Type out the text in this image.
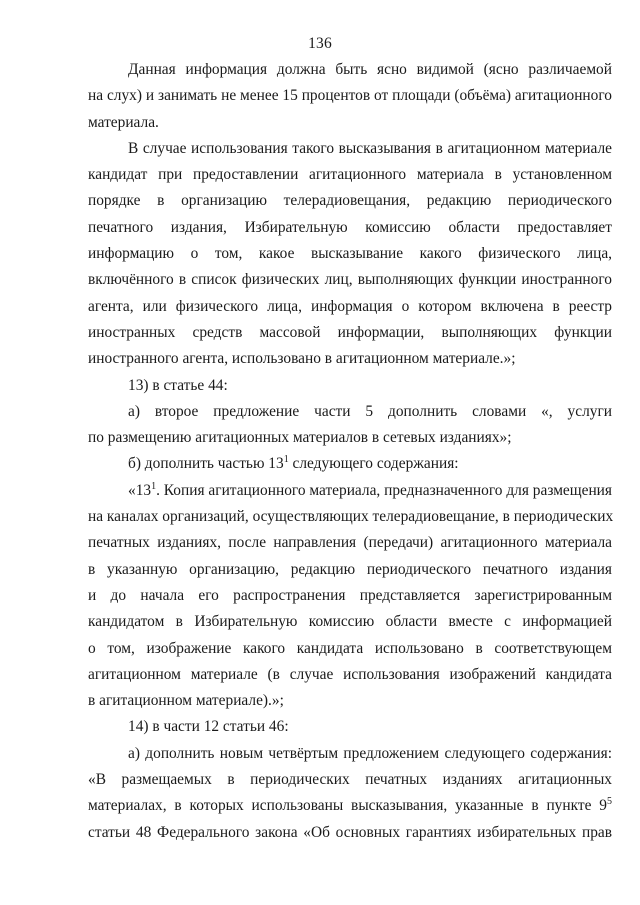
136
Данная информация должна быть ясно видимой (ясно различаемой
на слух) и занимать не менее 15 процентов от площади (объёма) агитационного
материала.
В случае использования такого высказывания в агитационном материале
кандидат при предоставлении агитационного материала в установленном
порядке в организацию телерадиовещания, редакцию периодического
печатного издания, Избирательную комиссию области предоставляет
информацию о том, какое высказывание какого физического лица,
включённого в список физических лиц, выполняющих функции иностранного
агента, или физического лица, информация о котором включена в реестр
иностранных средств массовой информации, выполняющих функции
иностранного агента, использовано в агитационном материале.»;
13) в статье 44:
а) второе предложение части 5 дополнить словами «, услуги
по размещению агитационных материалов в сетевых изданиях»;
б) дополнить частью $13^1$ следующего содержания:
«$13^1$. Копия агитационного материала, предназначенного для размещения
на каналах организаций, осуществляющих телерадиовещание, в периодических
печатных изданиях, после направления (передачи) агитационного материала
в указанную организацию, редакцию периодического печатного издания
и до начала его распространения представляется зарегистрированным
кандидатом в Избирательную комиссию области вместе с информацией
о том, изображение какого кандидата использовано в соответствующем
агитационном материале (в случае использования изображений кандидата
в агитационном материале).»;
14) в части 12 статьи 46:
а) дополнить новым четвёртым предложением следующего содержания:
«В размещаемых в периодических печатных изданиях агитационных
материалах, в которых использованы высказывания, указанные в пункте $9^5$
статьи 48 Федерального закона «Об основных гарантиях избирательных прав
